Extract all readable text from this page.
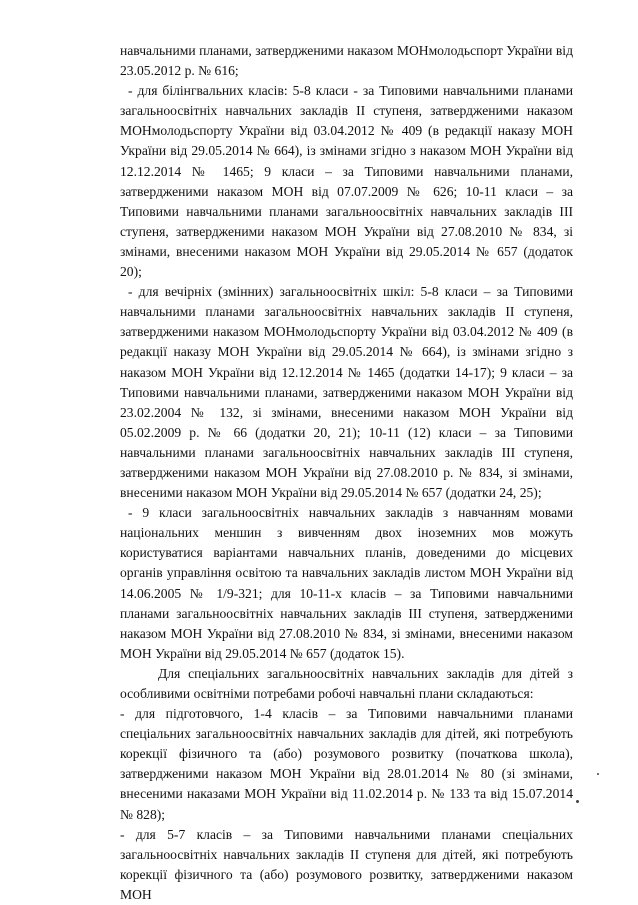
навчальними планами, затвердженими наказом МОНмолодьспорт України від 23.05.2012 р. № 616;

- для білінгвальних класів: 5-8 класи - за Типовими навчальними планами загальноосвітніх навчальних закладів ІІ ступеня, затвердженими наказом МОНмолодьспорту України від 03.04.2012 № 409 (в редакції наказу МОН України від 29.05.2014 № 664), із змінами згідно з наказом МОН України від 12.12.2014 № 1465; 9 класи – за Типовими навчальними планами, затвердженими наказом МОН від 07.07.2009 № 626; 10-11 класи – за Типовими навчальними планами загальноосвітніх навчальних закладів ІІІ ступеня, затвердженими наказом МОН України від 27.08.2010 № 834, зі змінами, внесеними наказом МОН України від 29.05.2014 № 657 (додаток 20);

- для вечірніх (змінних) загальноосвітніх шкіл: 5-8 класи – за Типовими навчальними планами загальноосвітніх навчальних закладів ІІ ступеня, затвердженими наказом МОНмолодьспорту України від 03.04.2012 № 409 (в редакції наказу МОН України від 29.05.2014 № 664), із змінами згідно з наказом МОН України від 12.12.2014 № 1465 (додатки 14-17); 9 класи – за Типовими навчальними планами, затвердженими наказом МОН України від 23.02.2004 № 132, зі змінами, внесеними наказом МОН України від 05.02.2009 р. № 66 (додатки 20, 21); 10-11 (12) класи – за Типовими навчальними планами загальноосвітніх навчальних закладів ІІІ ступеня, затвердженими наказом МОН України від 27.08.2010 р. № 834, зі змінами, внесеними наказом МОН України від 29.05.2014 № 657 (додатки 24, 25);

- 9 класи загальноосвітніх навчальних закладів з навчанням мовами національних меншин з вивченням двох іноземних мов можуть користуватися варіантами навчальних планів, доведеними до місцевих органів управління освітою та навчальних закладів листом МОН України від 14.06.2005 № 1/9-321; для 10-11-х класів – за Типовими навчальними планами загальноосвітніх навчальних закладів ІІІ ступеня, затвердженими наказом МОН України від 27.08.2010 № 834, зі змінами, внесеними наказом МОН України від 29.05.2014 № 657 (додаток 15).

Для спеціальних загальноосвітніх навчальних закладів для дітей з особливими освітніми потребами робочі навчальні плани складаються:

- для підготовчого, 1-4 класів – за Типовими навчальними планами спеціальних загальноосвітніх навчальних закладів для дітей, які потребують корекції фізичного та (або) розумового розвитку (початкова школа), затвердженими наказом МОН України від 28.01.2014 № 80 (зі змінами, внесеними наказами МОН України від 11.02.2014 р. № 133 та від 15.07.2014 № 828);

- для 5-7 класів – за Типовими навчальними планами спеціальних загальноосвітніх навчальних закладів ІІ ступеня для дітей, які потребують корекції фізичного та (або) розумового розвитку, затвердженими наказом МОН
